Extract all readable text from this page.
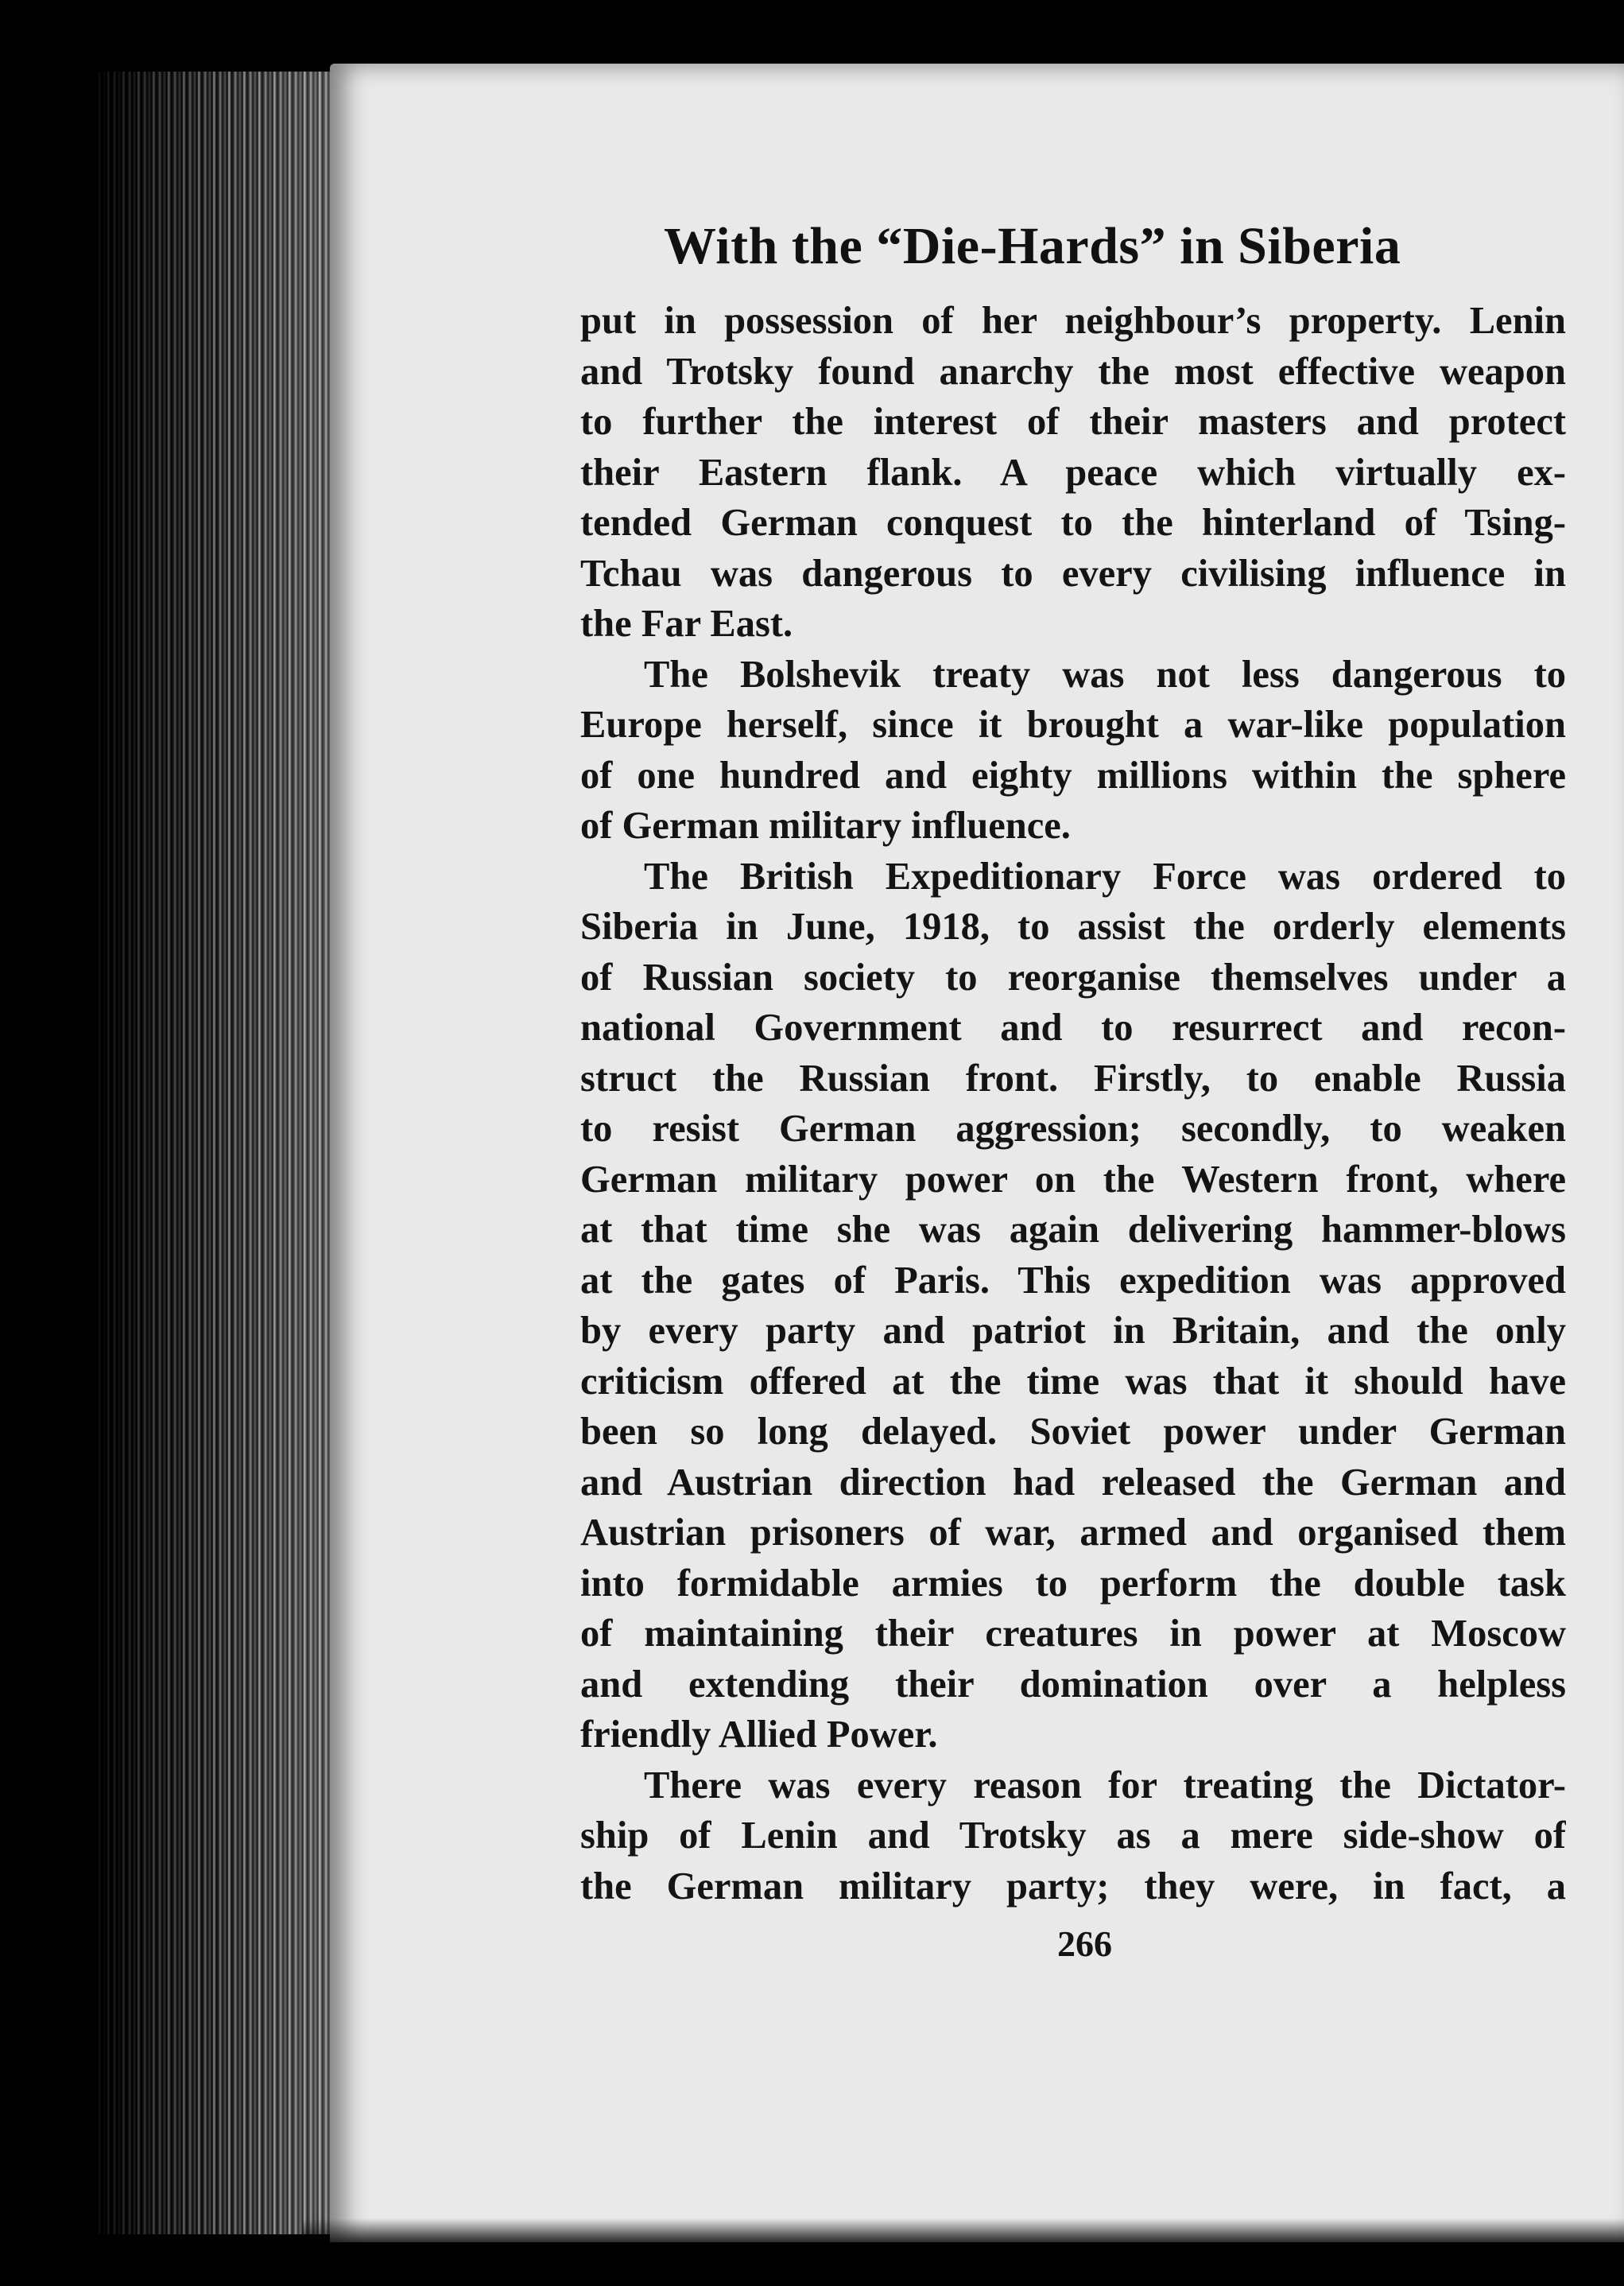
With the “Die-Hards” in Siberia
put in possession of her neighbour’s property. Lenin
and Trotsky found anarchy the most effective weapon
to further the interest of their masters and protect
their Eastern flank. A peace which virtually ex-
tended German conquest to the hinterland of Tsing-
Tchau was dangerous to every civilising influence in
the Far East.
The Bolshevik treaty was not less dangerous to
Europe herself, since it brought a war-like population
of one hundred and eighty millions within the sphere
of German military influence.
The British Expeditionary Force was ordered to
Siberia in June, 1918, to assist the orderly elements
of Russian society to reorganise themselves under a
national Government and to resurrect and recon-
struct the Russian front. Firstly, to enable Russia
to resist German aggression; secondly, to weaken
German military power on the Western front, where
at that time she was again delivering hammer-blows
at the gates of Paris. This expedition was approved
by every party and patriot in Britain, and the only
criticism offered at the time was that it should have
been so long delayed. Soviet power under German
and Austrian direction had released the German and
Austrian prisoners of war, armed and organised them
into formidable armies to perform the double task
of maintaining their creatures in power at Moscow
and extending their domination over a helpless
friendly Allied Power.
There was every reason for treating the Dictator-
ship of Lenin and Trotsky as a mere side-show of
the German military party; they were, in fact, a
266
